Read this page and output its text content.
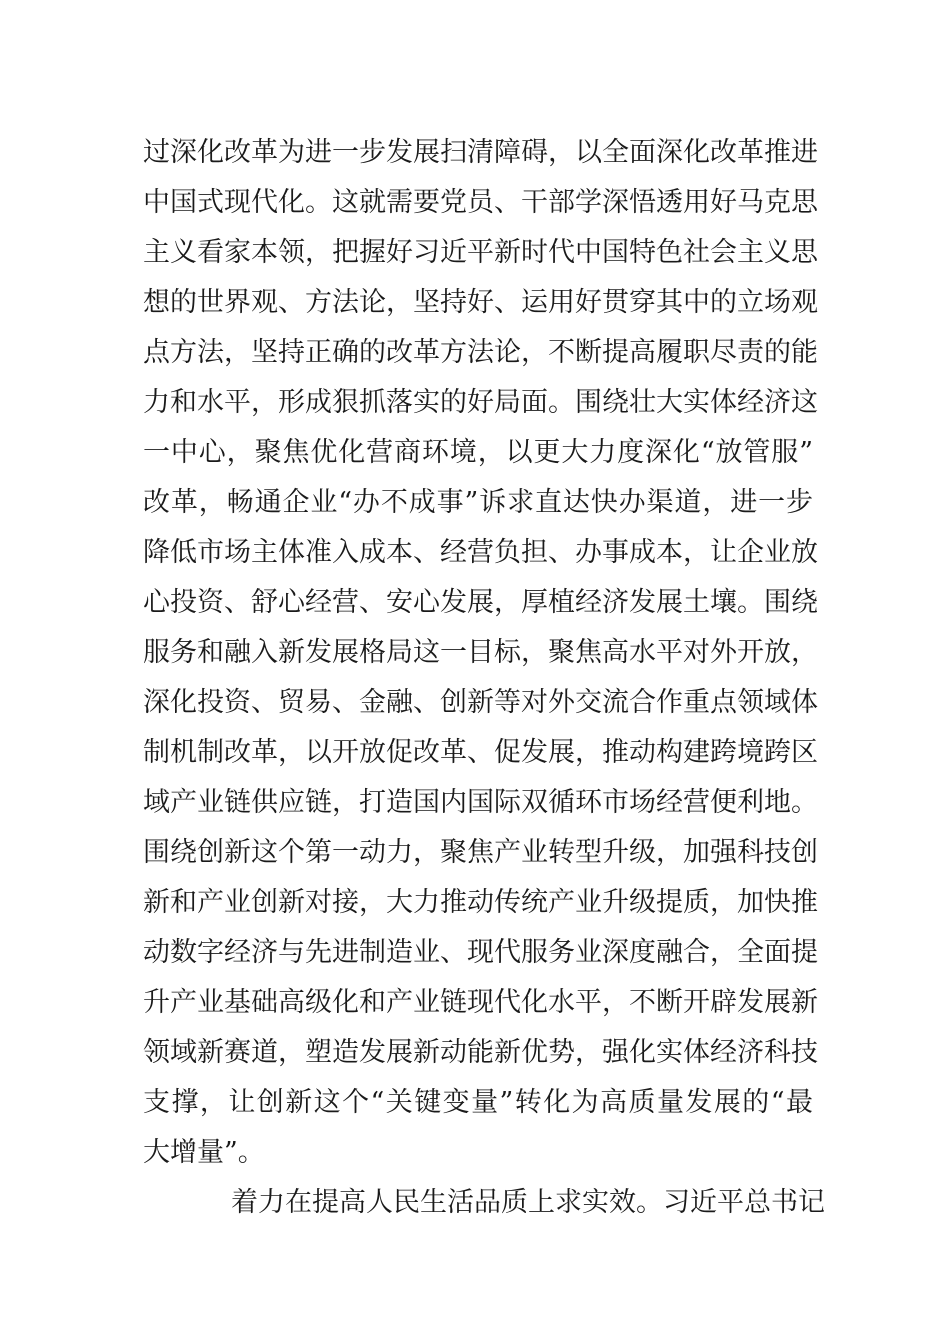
过深化改革为进一步发展扫清障碍，以全面深化改革推进
中国式现代化。这就需要党员、干部学深悟透用好马克思
主义看家本领，把握好习近平新时代中国特色社会主义思
想的世界观、方法论，坚持好、运用好贯穿其中的立场观
点方法，坚持正确的改革方法论，不断提高履职尽责的能
力和水平，形成狠抓落实的好局面。围绕壮大实体经济这
一中心，聚焦优化营商环境，以更大力度深化“放管服”
改革，畅通企业“办不成事”诉求直达快办渠道，进一步
降低市场主体准入成本、经营负担、办事成本，让企业放
心投资、舒心经营、安心发展，厚植经济发展土壤。围绕
服务和融入新发展格局这一目标，聚焦高水平对外开放，
深化投资、贸易、金融、创新等对外交流合作重点领域体
制机制改革，以开放促改革、促发展，推动构建跨境跨区
域产业链供应链，打造国内国际双循环市场经营便利地。
围绕创新这个第一动力，聚焦产业转型升级，加强科技创
新和产业创新对接，大力推动传统产业升级提质，加快推
动数字经济与先进制造业、现代服务业深度融合，全面提
升产业基础高级化和产业链现代化水平，不断开辟发展新
领域新赛道，塑造发展新动能新优势，强化实体经济科技
支撑，让创新这个“关键变量”转化为高质量发展的“最
大增量”。
着力在提高人民生活品质上求实效。习近平总书记
